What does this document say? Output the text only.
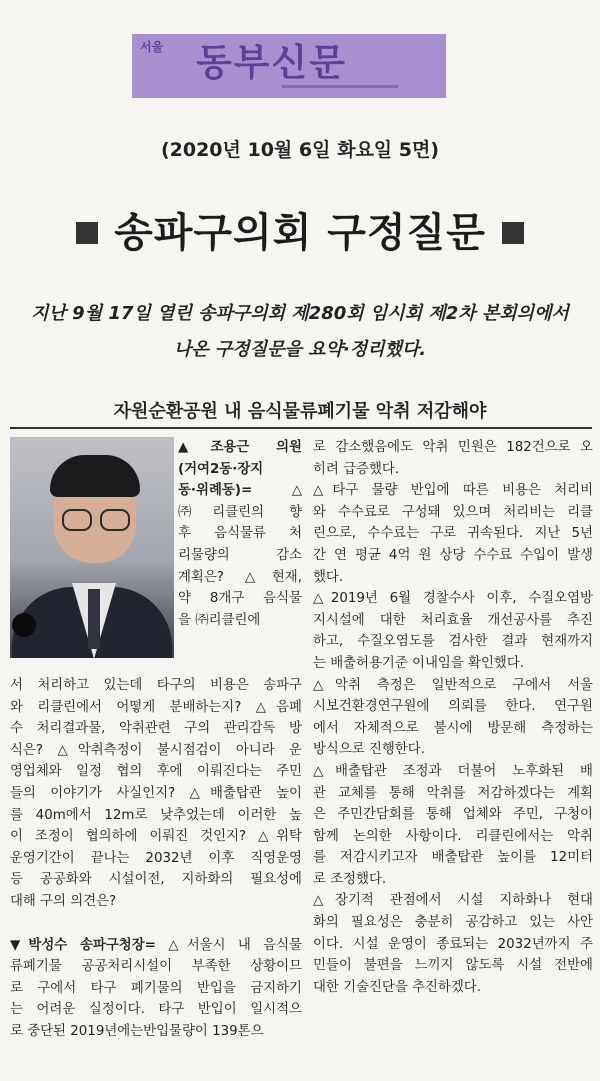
서울 동부신문
(2020년 10월 6일 화요일 5면)
송파구의회 구정질문
지난 9월 17일 열린 송파구의회 제280회 임시회 제2차 본회의에서
나온 구정질문을 요약·정리했다.
자원순환공원 내 음식물류폐기물 악취 저감해야
▲조용근 의원
(거여2동·장지
동·위례동)= △
㈜리클린의 향
후 음식물류 처
리물량의 감소
계획은? △현재,
약 8개구 음식물
을 ㈜리클린에
서 처리하고 있는데 타구의 비용은 송파구
와 리클린에서 어떻게 분배하는지? △음폐
수 처리결과물, 악취관련 구의 관리감독 방
식은? △악취측정이 불시점검이 아니라 운
영업체와 일정 협의 후에 이뤄진다는 주민
들의 이야기가 사실인지? △배출탑관 높이
를 40m에서 12m로 낮추었는데 이러한 높
이 조정이 협의하에 이뤄진 것인지? △위탁
운영기간이 끝나는 2032년 이후 직영운영
등 공공화와 시설이전, 지하화의 필요성에
대해 구의 의견은?
▼박성수 송파구청장= △서울시 내 음식물
류폐기물 공공처리시설이 부족한 상황이므
로 구에서 타구 폐기물의 반입을 금지하기
는 어려운 실정이다. 타구 반입이 일시적으
로 중단된 2019년에는반입물량이 139톤으
로 감소했음에도 악취 민원은 182건으로 오
히려 급증했다.
△타구 물량 반입에 따른 비용은 처리비
와 수수료로 구성돼 있으며 처리비는 리클
린으로, 수수료는 구로 귀속된다. 지난 5년
간 연 평균 4억 원 상당 수수료 수입이 발생
했다.
△2019년 6월 경찰수사 이후, 수질오염방
지시설에 대한 처리효율 개선공사를 추진
하고, 수질오염도를 검사한 결과 현재까지
는 배출허용기준 이내임을 확인했다.
△악취 측정은 일반적으로 구에서 서울
시보건환경연구원에 의뢰를 한다. 연구원
에서 자체적으로 불시에 방문해 측정하는
방식으로 진행한다.
△배출탑관 조정과 더불어 노후화된 배
관 교체를 통해 악취를 저감하겠다는 계획
은 주민간담회를 통해 업체와 주민, 구청이
함께 논의한 사항이다. 리클린에서는 악취
를 저감시키고자 배출탑관 높이를 12미터
로 조정했다.
△장기적 관점에서 시설 지하화나 현대
화의 필요성은 충분히 공감하고 있는 사안
이다. 시설 운영이 종료되는 2032년까지 주
민들이 불편을 느끼지 않도록 시설 전반에
대한 기술진단을 추진하겠다.
